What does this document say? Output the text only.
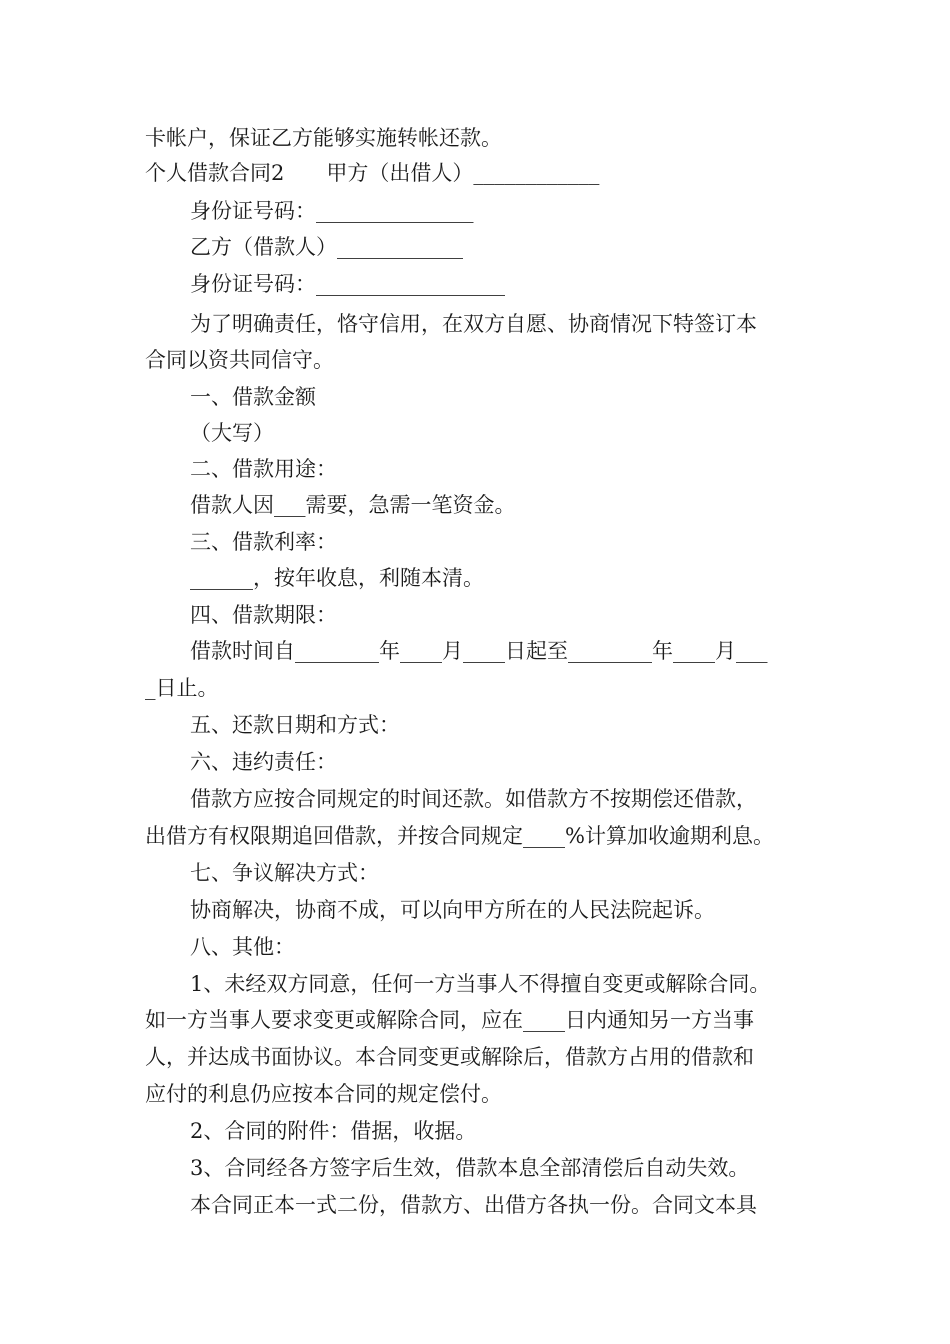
卡帐户，保证乙方能够实施转帐还款。
个人借款合同2　　甲方（出借人）____________
身份证号码：_______________
乙方（借款人）____________
身份证号码：__________________
为了明确责任，恪守信用，在双方自愿、协商情况下特签订本
合同以资共同信守。
一、借款金额
（大写）
二、借款用途：
借款人因___需要，急需一笔资金。
三、借款利率：
______，按年收息，利随本清。
四、借款期限：
借款时间自________年____月____日起至________年____月___
_日止。
五、还款日期和方式：
六、违约责任：
借款方应按合同规定的时间还款。如借款方不按期偿还借款，
出借方有权限期追回借款，并按合同规定____%计算加收逾期利息。
七、争议解决方式：
协商解决，协商不成，可以向甲方所在的人民法院起诉。
八、其他：
1、未经双方同意，任何一方当事人不得擅自变更或解除合同。
如一方当事人要求变更或解除合同，应在____日内通知另一方当事
人，并达成书面协议。本合同变更或解除后，借款方占用的借款和
应付的利息仍应按本合同的规定偿付。
2、合同的附件：借据，收据。
3、合同经各方签字后生效，借款本息全部清偿后自动失效。
本合同正本一式二份，借款方、出借方各执一份。合同文本具
